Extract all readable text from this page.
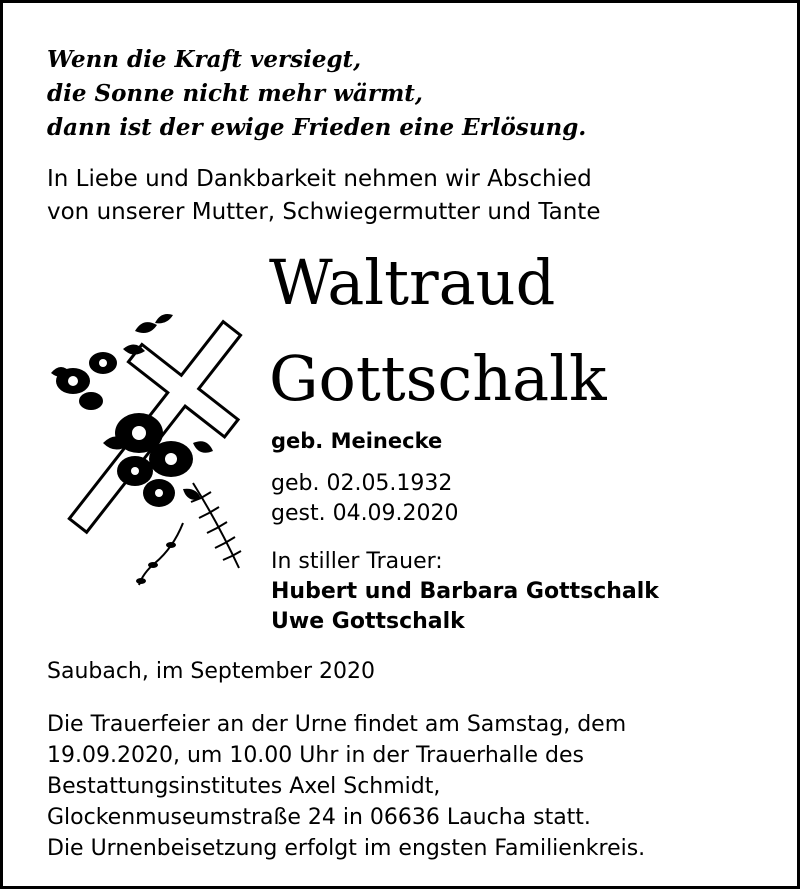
Wenn die Kraft versiegt,
die Sonne nicht mehr wärmt,
dann ist der ewige Frieden eine Erlösung.
In Liebe und Dankbarkeit nehmen wir Abschied
von unserer Mutter, Schwiegermutter und Tante
Waltraud
Gottschalk
geb. Meinecke
geb. 02.05.1932
gest. 04.09.2020
In stiller Trauer:
Hubert und Barbara Gottschalk
Uwe Gottschalk
Saubach, im September 2020
Die Trauerfeier an der Urne findet am Samstag, dem
19.09.2020, um 10.00 Uhr in der Trauerhalle des
Bestattungsinstitutes Axel Schmidt,
Glockenmuseumstraße 24 in 06636 Laucha statt.
Die Urnenbeisetzung erfolgt im engsten Familienkreis.
